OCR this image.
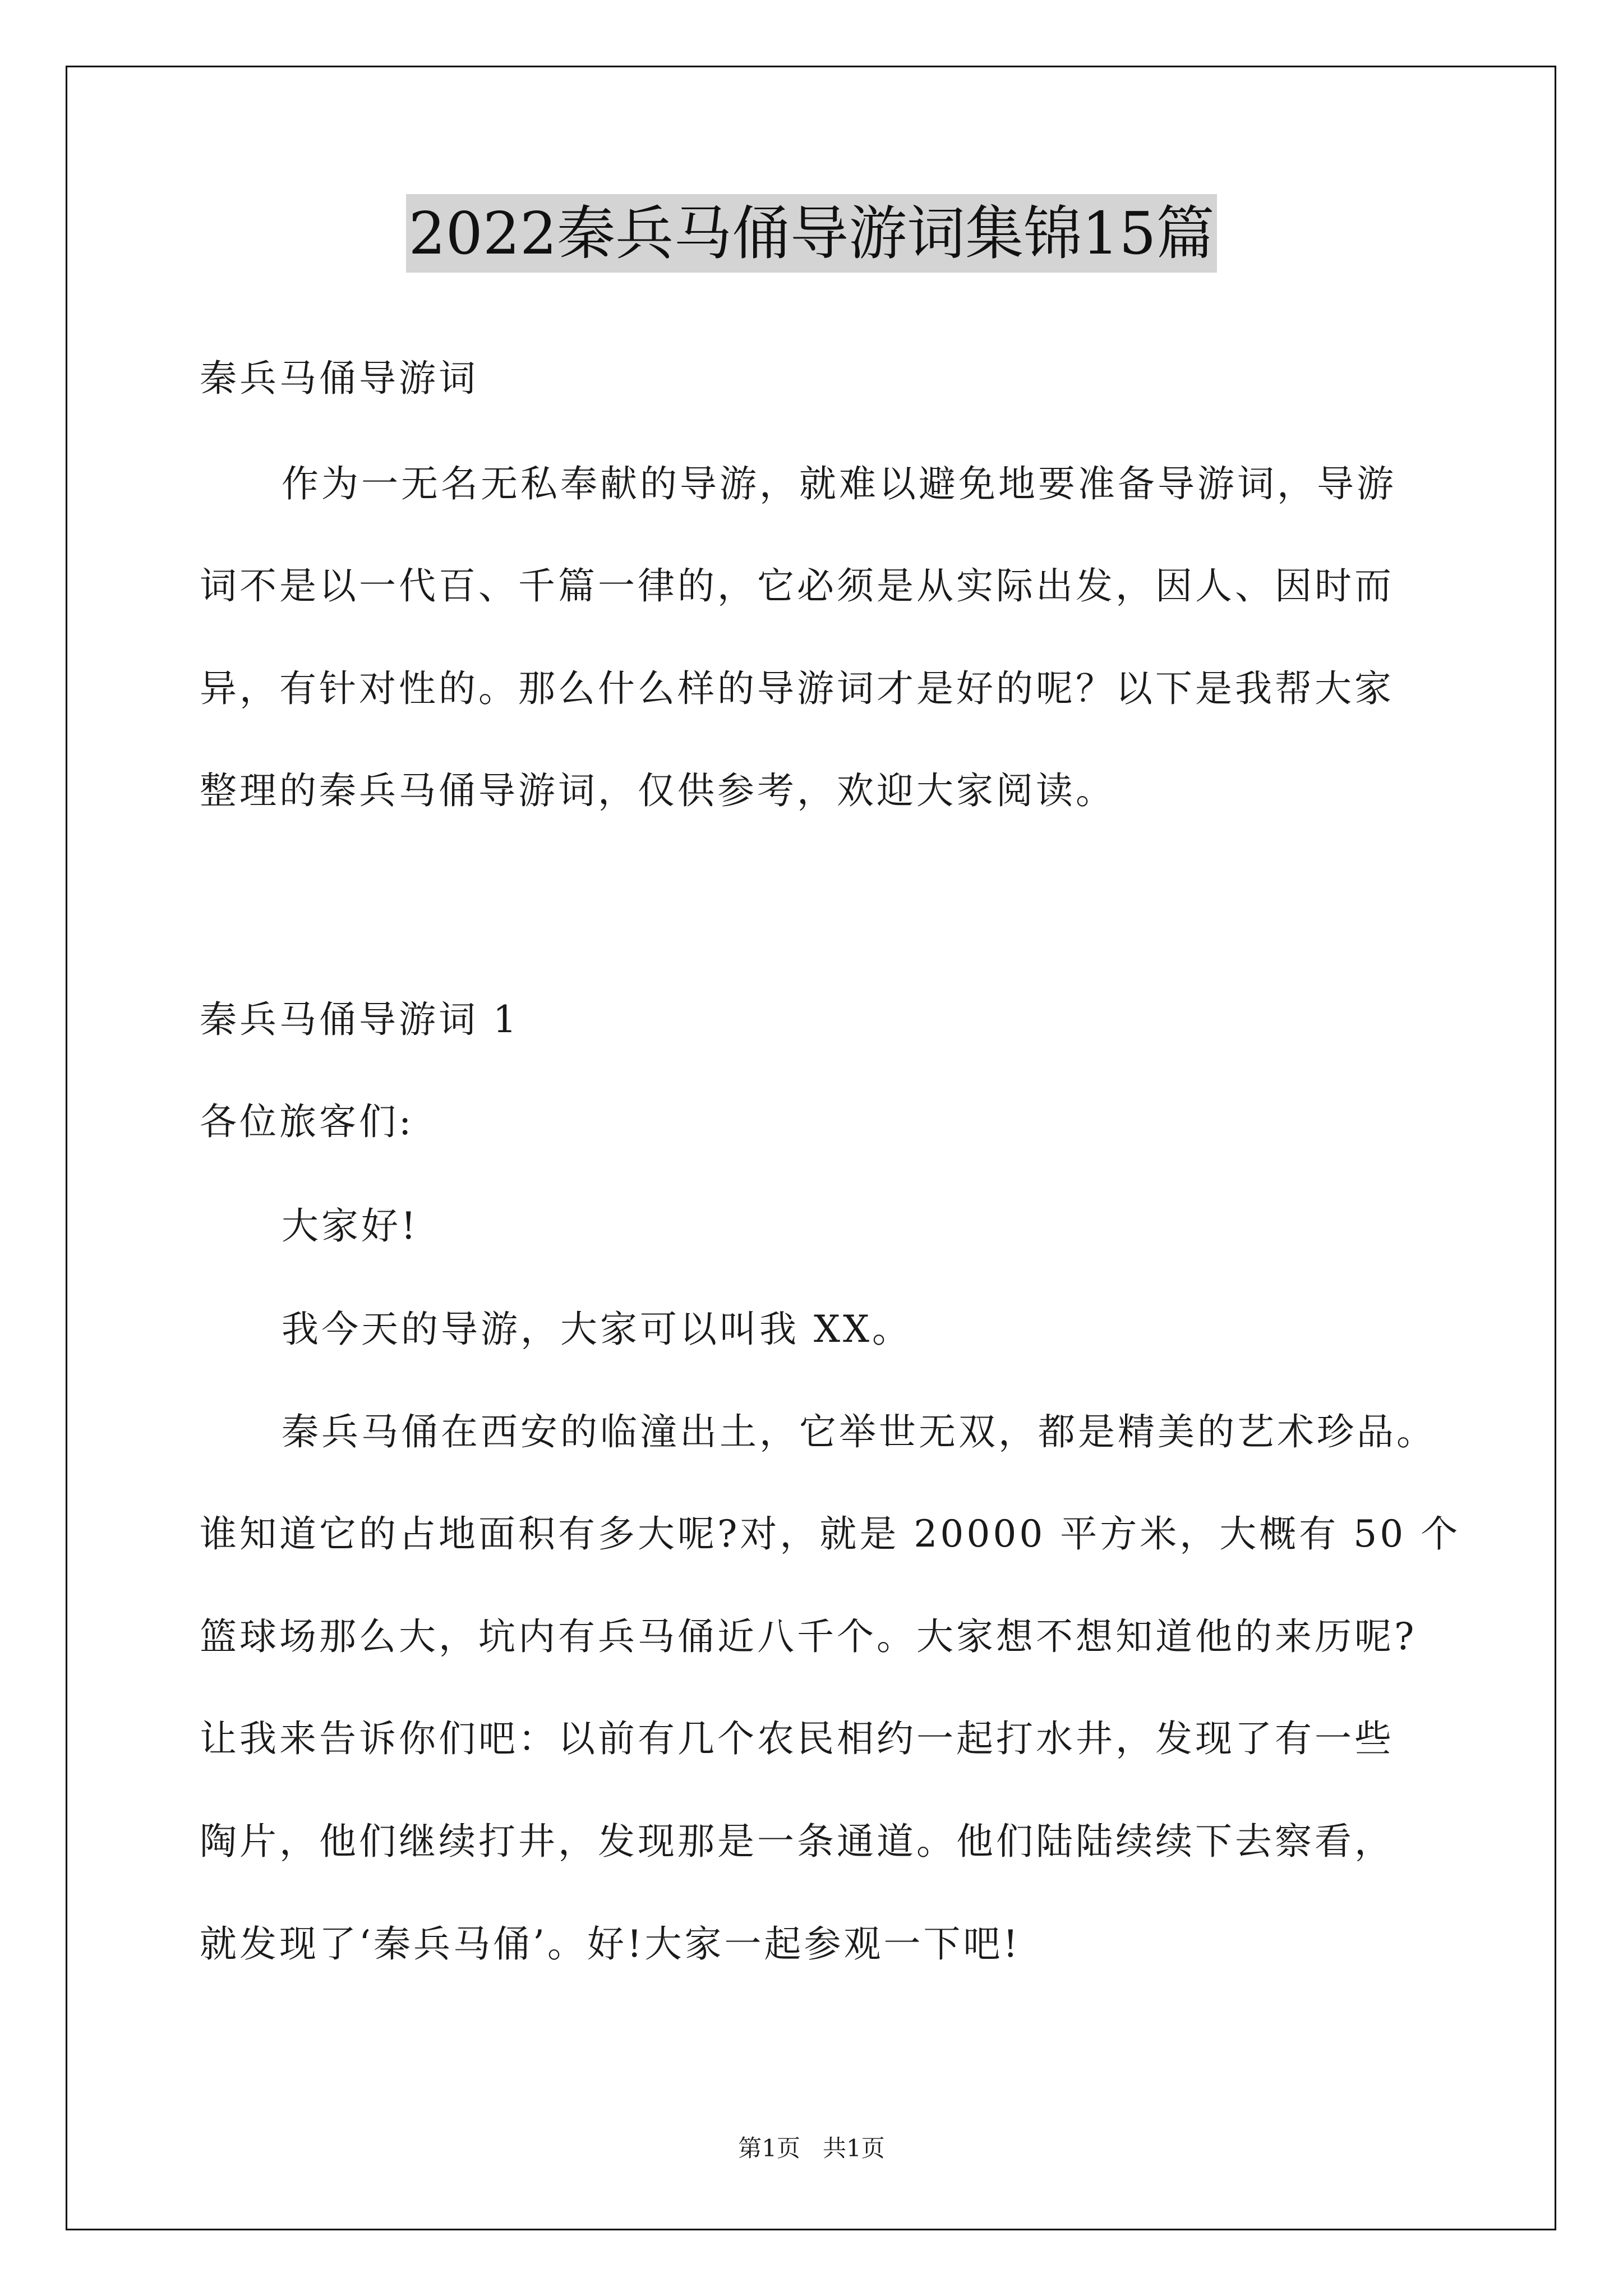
2022秦兵马俑导游词集锦15篇
秦兵马俑导游词
作为一无名无私奉献的导游，就难以避免地要准备导游词，导游
词不是以一代百、千篇一律的，它必须是从实际出发，因人、因时而
异，有针对性的。那么什么样的导游词才是好的呢？以下是我帮大家
整理的秦兵马俑导游词，仅供参考，欢迎大家阅读。
秦兵马俑导游词 1
各位旅客们:
大家好!
我今天的导游，大家可以叫我 XX。
秦兵马俑在西安的临潼出土，它举世无双，都是精美的艺术珍品。
谁知道它的占地面积有多大呢?对，就是 20000 平方米，大概有 50 个
篮球场那么大，坑内有兵马俑近八千个。大家想不想知道他的来历呢?
让我来告诉你们吧：以前有几个农民相约一起打水井，发现了有一些
陶片，他们继续打井，发现那是一条通道。他们陆陆续续下去察看，
就发现了‘秦兵马俑’。好!大家一起参观一下吧!
第1页 共1页
